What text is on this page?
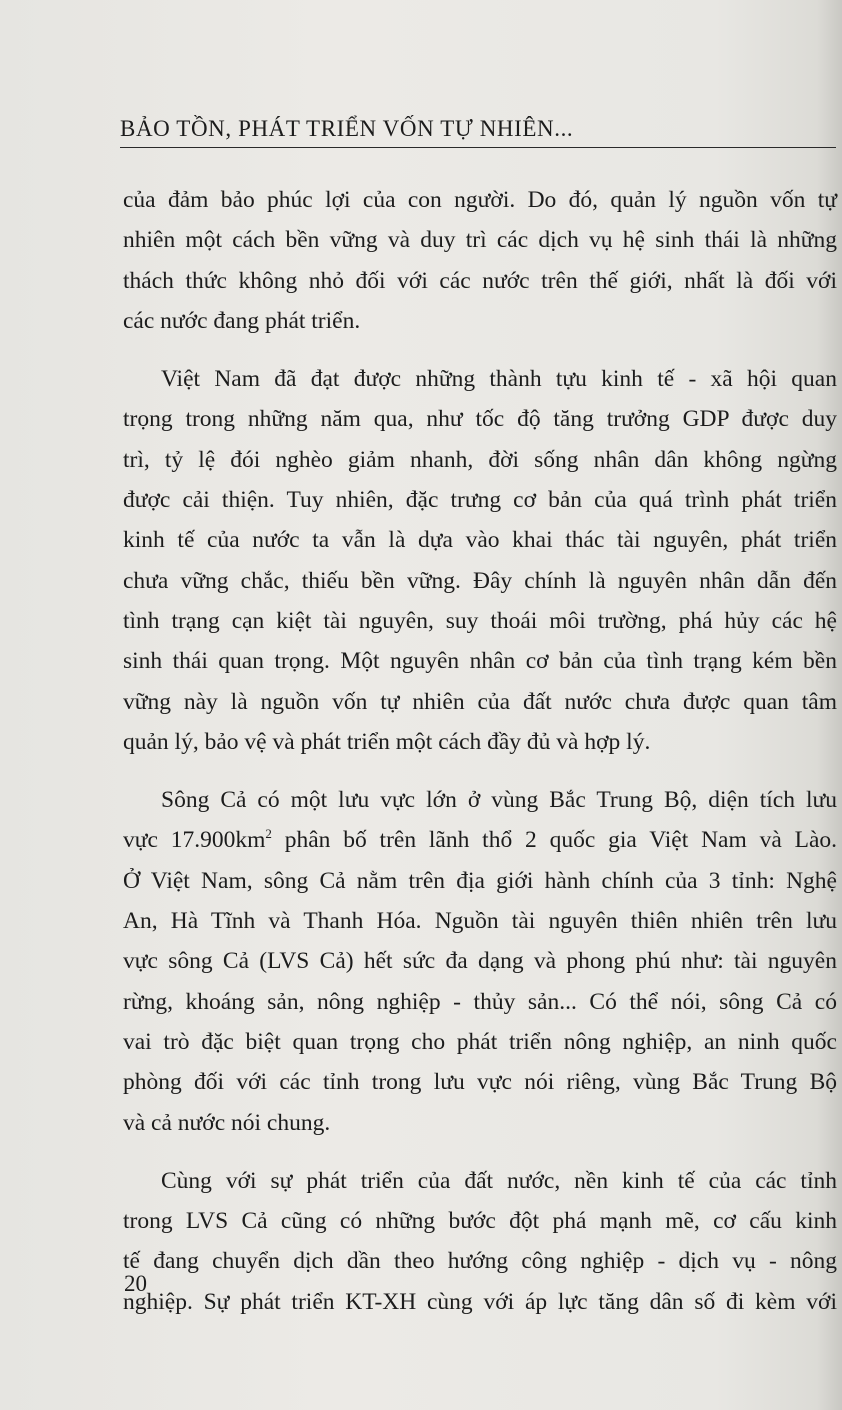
BẢO TỒN, PHÁT TRIỂN VỐN TỰ NHIÊN...

của đảm bảo phúc lợi của con người. Do đó, quản lý nguồn vốn tự
nhiên một cách bền vững và duy trì các dịch vụ hệ sinh thái là những
thách thức không nhỏ đối với các nước trên thế giới, nhất là đối với
các nước đang phát triển.

Việt Nam đã đạt được những thành tựu kinh tế - xã hội quan
trọng trong những năm qua, như tốc độ tăng trưởng GDP được duy
trì, tỷ lệ đói nghèo giảm nhanh, đời sống nhân dân không ngừng
được cải thiện. Tuy nhiên, đặc trưng cơ bản của quá trình phát triển
kinh tế của nước ta vẫn là dựa vào khai thác tài nguyên, phát triển
chưa vững chắc, thiếu bền vững. Đây chính là nguyên nhân dẫn đến
tình trạng cạn kiệt tài nguyên, suy thoái môi trường, phá hủy các hệ
sinh thái quan trọng. Một nguyên nhân cơ bản của tình trạng kém bền
vững này là nguồn vốn tự nhiên của đất nước chưa được quan tâm
quản lý, bảo vệ và phát triển một cách đầy đủ và hợp lý.

Sông Cả có một lưu vực lớn ở vùng Bắc Trung Bộ, diện tích lưu
vực $17.900km^2$ phân bố trên lãnh thổ 2 quốc gia Việt Nam và Lào.
Ở Việt Nam, sông Cả nằm trên địa giới hành chính của 3 tỉnh: Nghệ
An, Hà Tĩnh và Thanh Hóa. Nguồn tài nguyên thiên nhiên trên lưu
vực sông Cả (LVS Cả) hết sức đa dạng và phong phú như: tài nguyên
rừng, khoáng sản, nông nghiệp - thủy sản... Có thể nói, sông Cả có
vai trò đặc biệt quan trọng cho phát triển nông nghiệp, an ninh quốc
phòng đối với các tỉnh trong lưu vực nói riêng, vùng Bắc Trung Bộ
và cả nước nói chung.

Cùng với sự phát triển của đất nước, nền kinh tế của các tỉnh
trong LVS Cả cũng có những bước đột phá mạnh mẽ, cơ cấu kinh
tế đang chuyển dịch dần theo hướng công nghiệp - dịch vụ - nông
nghiệp. Sự phát triển KT-XH cùng với áp lực tăng dân số đi kèm với

20
